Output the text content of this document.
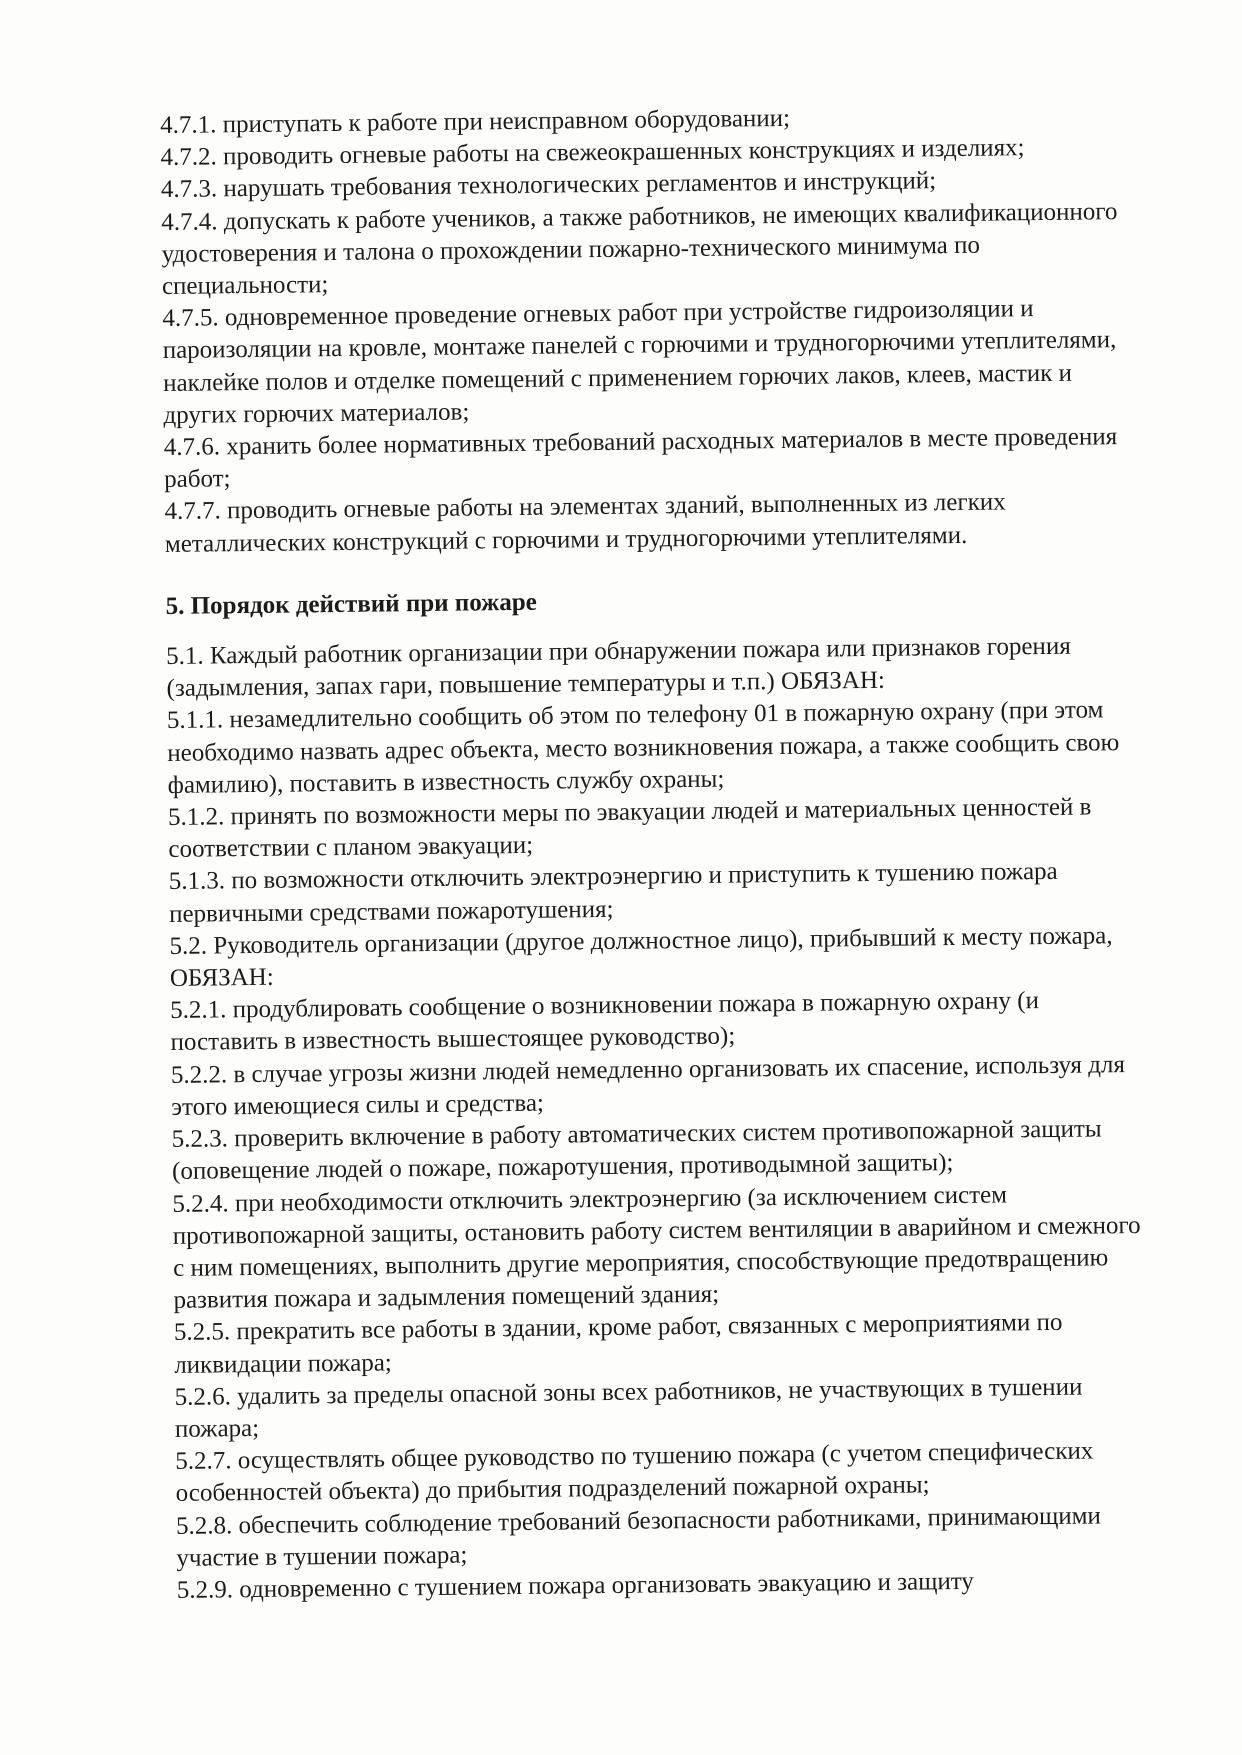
4.7.1. приступать к работе при неисправном оборудовании;

4.7.2. проводить огневые работы на свежеокрашенных конструкциях и изделиях;

4.7.3. нарушать требования технологических регламентов и инструкций;

4.7.4. допускать к работе учеников, а также работников, не имеющих квалификационного удостоверения и талона о прохождении пожарно-технического минимума по специальности;

4.7.5. одновременное проведение огневых работ при устройстве гидроизоляции и пароизоляции на кровле, монтаже панелей с горючими и трудногорючими утеплителями, наклейке полов и отделке помещений с применением горючих лаков, клеев, мастик и других горючих материалов;

4.7.6. хранить более нормативных требований расходных материалов в месте проведения работ;

4.7.7. проводить огневые работы на элементах зданий, выполненных из легких металлических конструкций с горючими и трудногорючими утеплителями.

5. Порядок действий при пожаре

5.1. Каждый работник организации при обнаружении пожара или признаков горения (задымления, запах гари, повышение температуры и т.п.) ОБЯЗАН:

5.1.1. незамедлительно сообщить об этом по телефону 01 в пожарную охрану (при этом необходимо назвать адрес объекта, место возникновения пожара, а также сообщить свою фамилию), поставить в известность службу охраны;

5.1.2. принять по возможности меры по эвакуации людей и материальных ценностей в соответствии с планом эвакуации;

5.1.3. по возможности отключить электроэнергию и приступить к тушению пожара первичными средствами пожаротушения;

5.2. Руководитель организации (другое должностное лицо), прибывший к месту пожара, ОБЯЗАН:

5.2.1. продублировать сообщение о возникновении пожара в пожарную охрану (и поставить в известность вышестоящее руководство);

5.2.2. в случае угрозы жизни людей немедленно организовать их спасение, используя для этого имеющиеся силы и средства;

5.2.3. проверить включение в работу автоматических систем противопожарной защиты (оповещение людей о пожаре, пожаротушения, противодымной защиты);

5.2.4. при необходимости отключить электроэнергию (за исключением систем противопожарной защиты, остановить работу систем вентиляции в аварийном и смежного с ним помещениях, выполнить другие мероприятия, способствующие предотвращению развития пожара и задымления помещений здания;

5.2.5. прекратить все работы в здании, кроме работ, связанных с мероприятиями по ликвидации пожара;

5.2.6. удалить за пределы опасной зоны всех работников, не участвующих в тушении пожара;

5.2.7. осуществлять общее руководство по тушению пожара (с учетом специфических особенностей объекта) до прибытия подразделений пожарной охраны;

5.2.8. обеспечить соблюдение требований безопасности работниками, принимающими участие в тушении пожара;

5.2.9. одновременно с тушением пожара организовать эвакуацию и защиту
